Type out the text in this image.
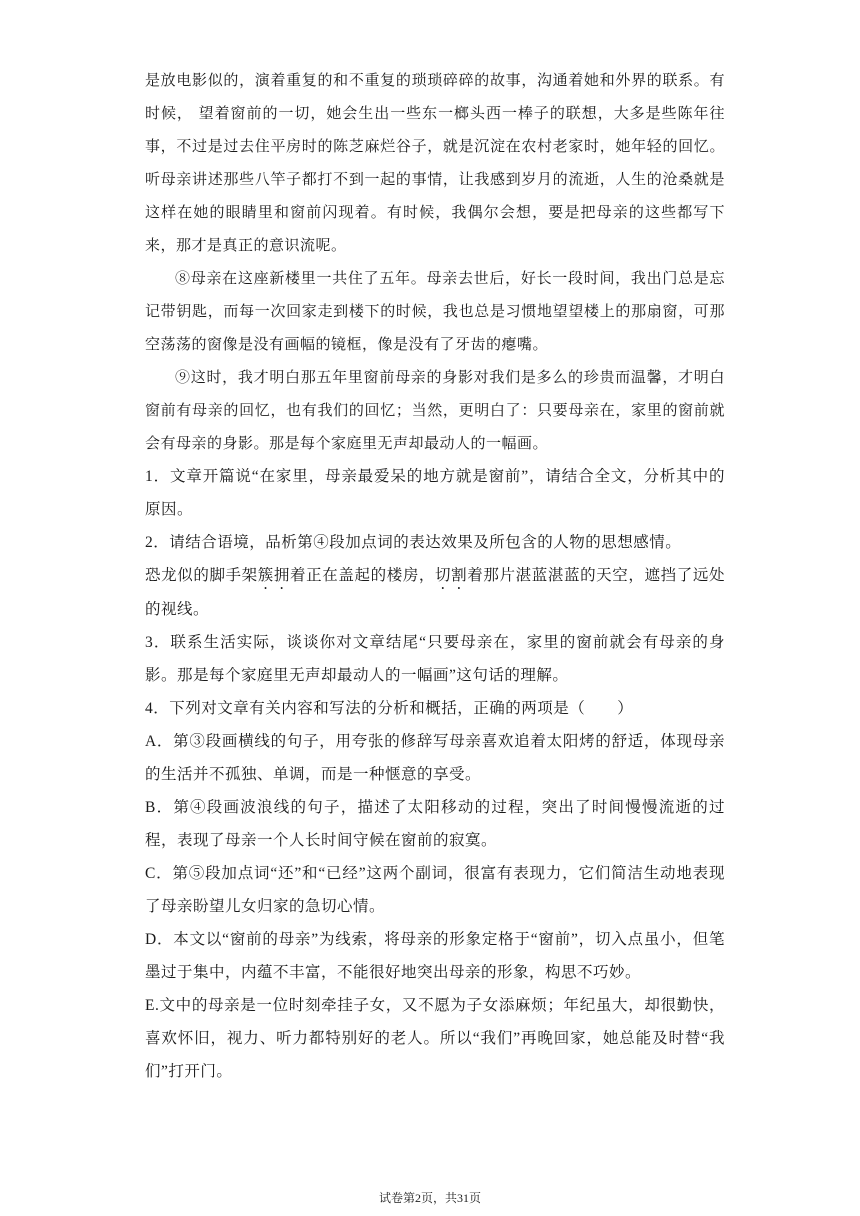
是放电影似的，演着重复的和不重复的琐琐碎碎的故事，沟通着她和外界的联系。有时候， 望着窗前的一切，她会生出一些东一榔头西一棒子的联想，大多是些陈年往事，不过是过去住平房时的陈芝麻烂谷子，就是沉淀在农村老家时，她年轻的回忆。听母亲讲述那些八竿子都打不到一起的事情，让我感到岁月的流逝，人生的沧桑就是这样在她的眼睛里和窗前闪现着。有时候，我偶尔会想，要是把母亲的这些都写下来，那才是真正的意识流呢。

⑧母亲在这座新楼里一共住了五年。母亲去世后，好长一段时间，我出门总是忘记带钥匙，而每一次回家走到楼下的时候，我也总是习惯地望望楼上的那扇窗，可那空荡荡的窗像是没有画幅的镜框，像是没有了牙齿的瘪嘴。

⑨这时，我才明白那五年里窗前母亲的身影对我们是多么的珍贵而温馨，才明白窗前有母亲的回忆，也有我们的回忆；当然，更明白了：只要母亲在，家里的窗前就会有母亲的身影。那是每个家庭里无声却最动人的一幅画。

1．文章开篇说“在家里，母亲最爱呆的地方就是窗前”，请结合全文，分析其中的原因。

2．请结合语境，品析第④段加点词的表达效果及所包含的人物的思想感情。

恐龙似的脚手架簇拥着正在盖起的楼房，切割着那片湛蓝湛蓝的天空，遮挡了远处的视线。

3．联系生活实际，谈谈你对文章结尾“只要母亲在，家里的窗前就会有母亲的身影。那是每个家庭里无声却最动人的一幅画”这句话的理解。

4．下列对文章有关内容和写法的分析和概括，正确的两项是（　　）

A．第③段画横线的句子，用夸张的修辞写母亲喜欢追着太阳烤的舒适，体现母亲的生活并不孤独、单调，而是一种惬意的享受。

B．第④段画波浪线的句子，描述了太阳移动的过程，突出了时间慢慢流逝的过程，表现了母亲一个人长时间守候在窗前的寂寞。

C．第⑤段加点词“还”和“已经”这两个副词，很富有表现力，它们简洁生动地表现了母亲盼望儿女归家的急切心情。

D．本文以“窗前的母亲”为线索，将母亲的形象定格于“窗前”，切入点虽小，但笔墨过于集中，内蕴不丰富，不能很好地突出母亲的形象，构思不巧妙。

E.文中的母亲是一位时刻牵挂子女，又不愿为子女添麻烦；年纪虽大，却很勤快，喜欢怀旧，视力、听力都特别好的老人。所以“我们”再晚回家，她总能及时替“我们”打开门。

试卷第2页，共31页
